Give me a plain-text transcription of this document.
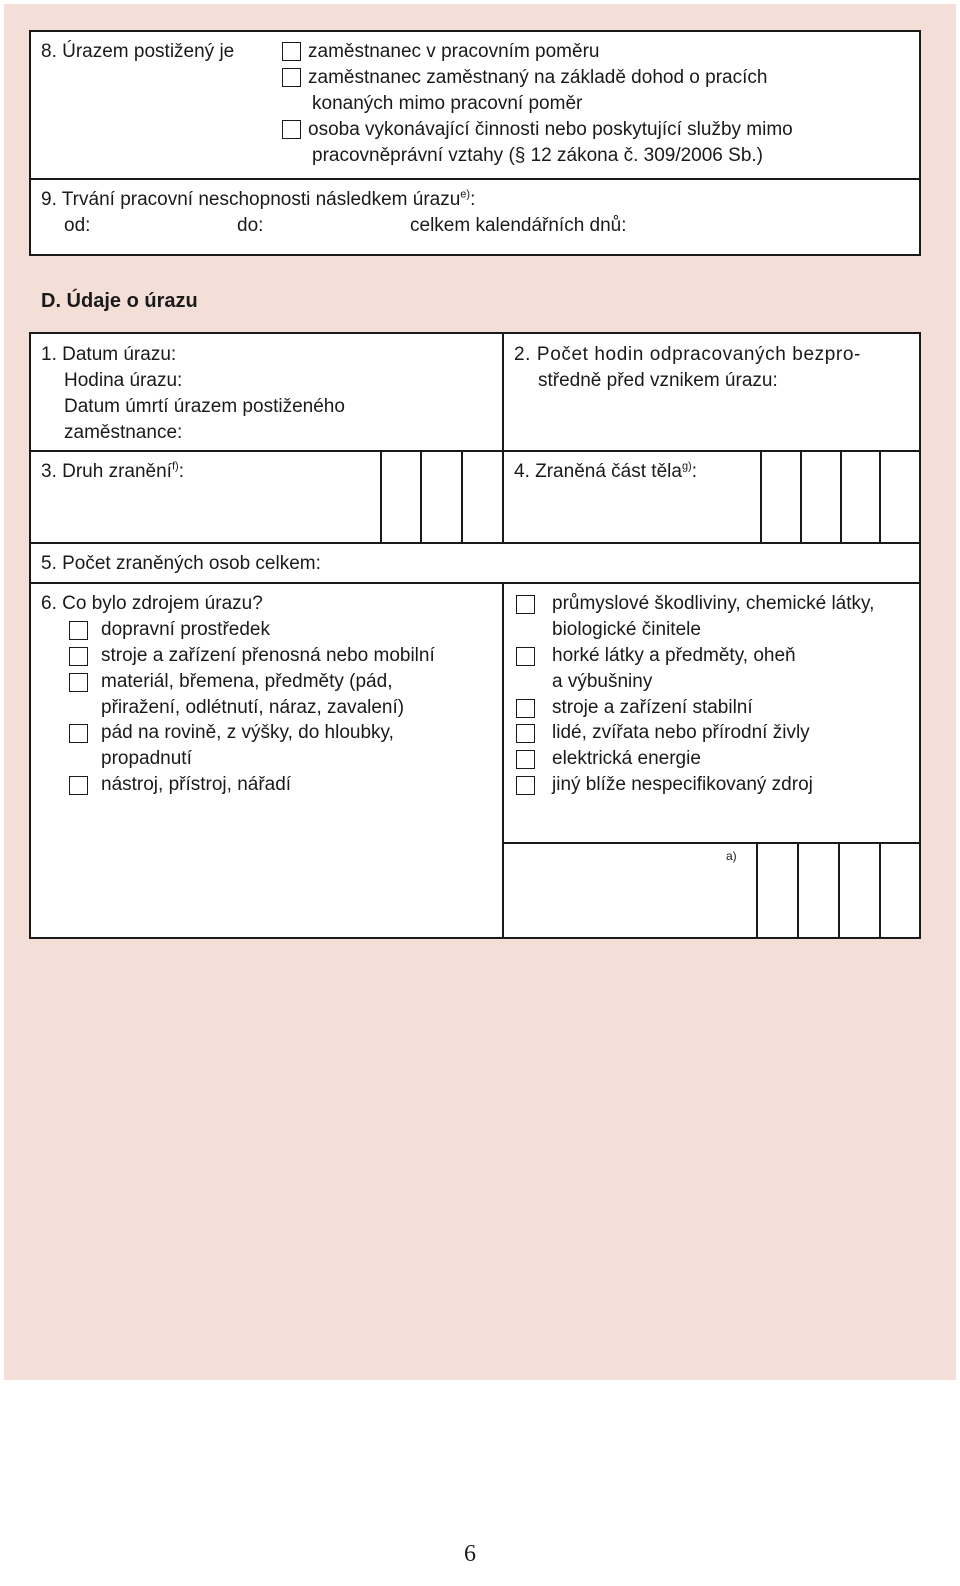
8. Úrazem postižený je	zaměstnanec v pracovním poměru
zaměstnanec zaměstnaný na základě dohod o pracích
konaných mimo pracovní poměr
osoba vykonávající činnosti nebo poskytující služby mimo
pracovněprávní vztahy (§ 12 zákona č. 309/2006 Sb.)
9. Trvání pracovní neschopnosti následkem úrazu$^{e)}$:
od:	do:	celkem kalendářních dnů:
D. Údaje o úrazu
1. Datum úrazu:
Hodina úrazu:
Datum úmrtí úrazem postiženého
zaměstnance:
2. Počet hodin odpracovaných bezpro-
středně před vznikem úrazu:
3. Druh zranění$^{f)}$:	4. Zraněná část těla$^{g)}$:
5. Počet zraněných osob celkem:
6. Co bylo zdrojem úrazu?
dopravní prostředek
stroje a zařízení přenosná nebo mobilní
materiál, břemena, předměty (pád,
přiražení, odlétnutí, náraz, zavalení)
pád na rovině, z výšky, do hloubky,
propadnutí
nástroj, přístroj, nářadí
průmyslové škodliviny, chemické látky,
biologické činitele
horké látky a předměty, oheň
a výbušniny
stroje a zařízení stabilní
lidé, zvířata nebo přírodní živly
elektrická energie
jiný blíže nespecifikovaný zdroj
a)
6
